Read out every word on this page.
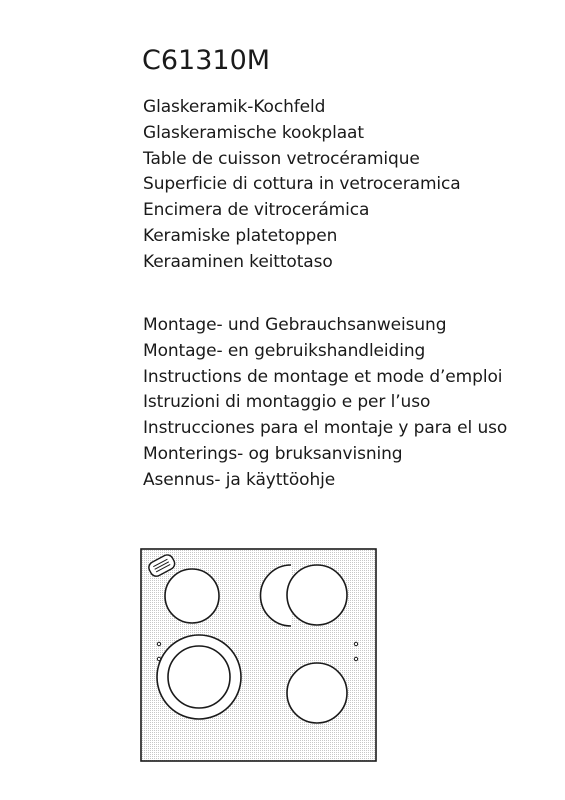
C61310M
Glaskeramik-Kochfeld
Glaskeramische kookplaat
Table de cuisson vetrocéramique
Superficie di cottura in vetroceramica
Encimera de vitrocerámica
Keramiske platetoppen
Keraaminen keittotaso
Montage- und Gebrauchsanweisung
Montage- en gebruikshandleiding
Instructions de montage et mode d’emploi
Istruzioni di montaggio e per l’uso
Instrucciones para el montaje y para el uso
Monterings- og bruksanvisning
Asennus- ja käyttöohje
